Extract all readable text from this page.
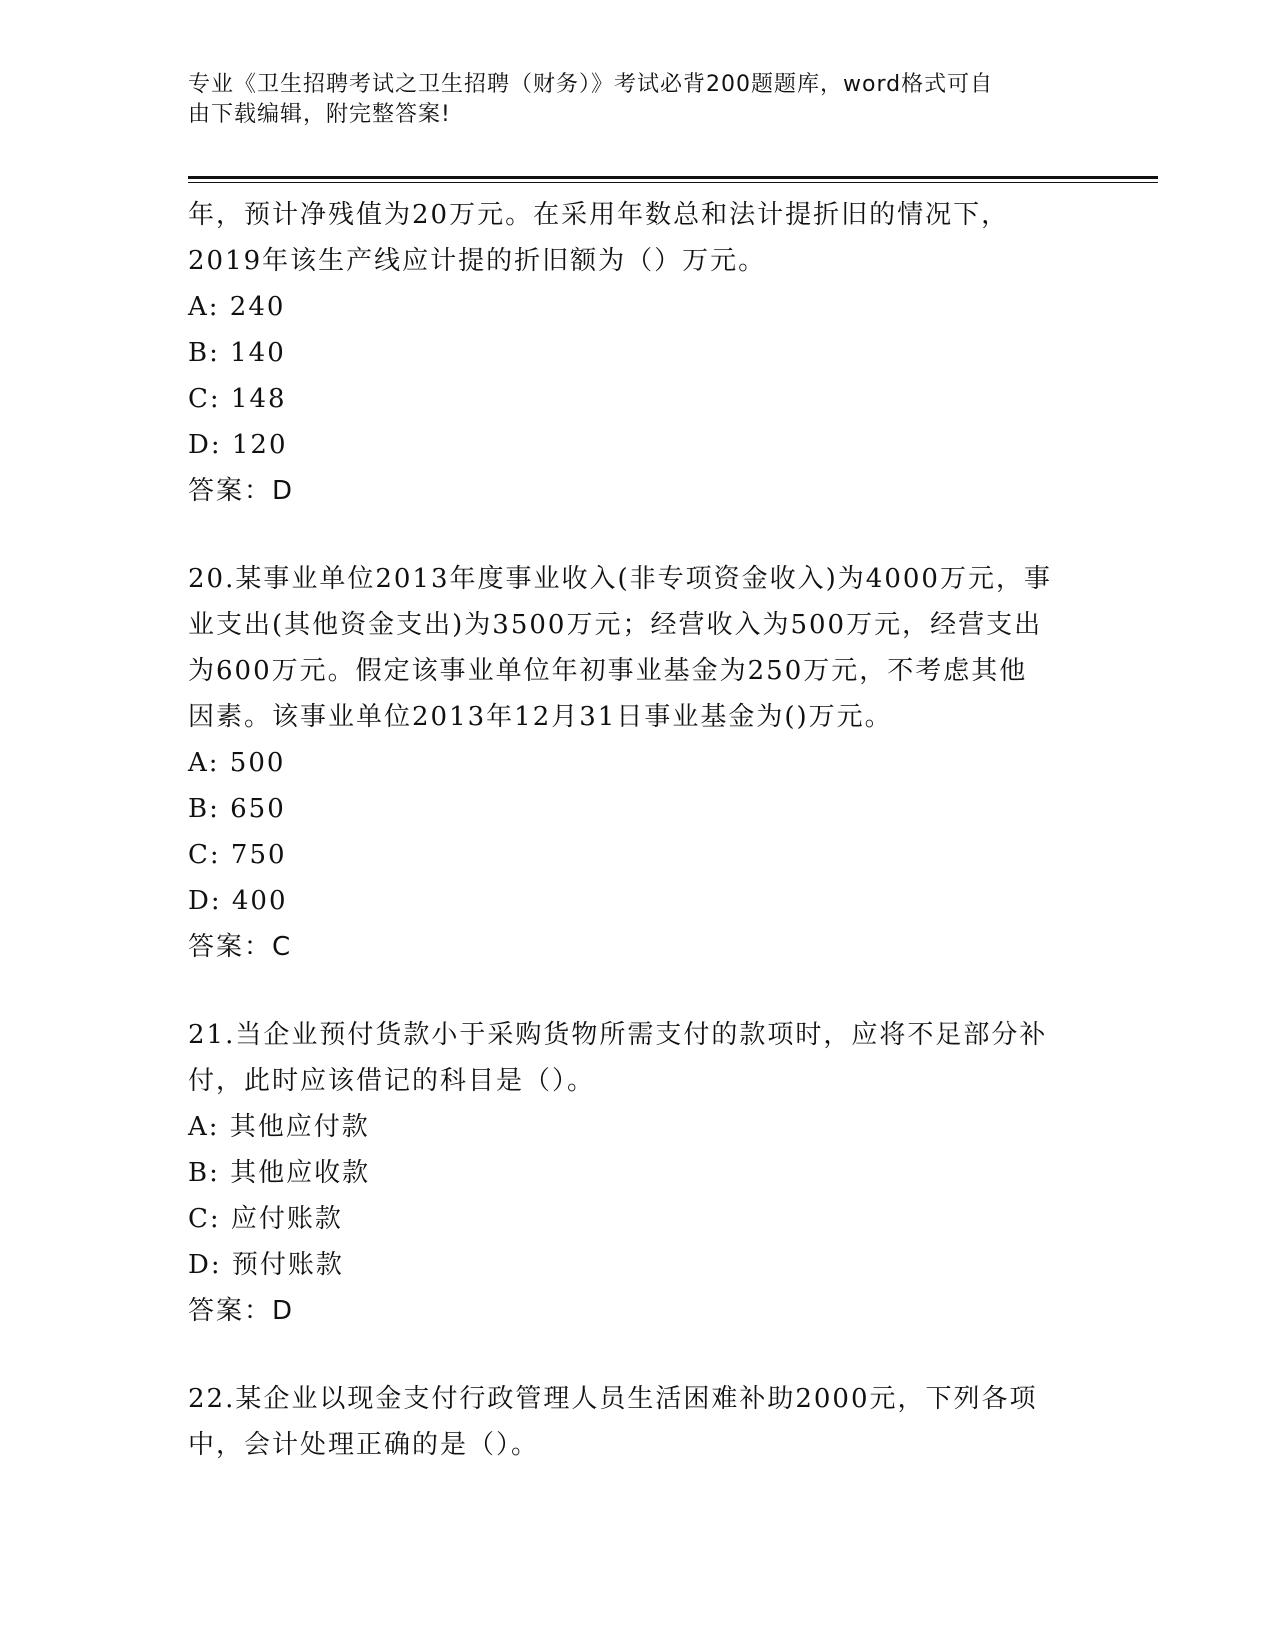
专业《卫生招聘考试之卫生招聘（财务）》考试必背200题题库，word格式可自

由下载编辑，附完整答案!

年，预计净残值为20万元。在采用年数总和法计提折旧的情况下，

2019年该生产线应计提的折旧额为（）万元。

A: 240

B: 140

C: 148

D: 120

答案：D

20.某事业单位2013年度事业收入(非专项资金收入)为4000万元，事

业支出(其他资金支出)为3500万元；经营收入为500万元，经营支出

为600万元。假定该事业单位年初事业基金为250万元，不考虑其他

因素。该事业单位2013年12月31日事业基金为()万元。

A: 500

B: 650

C: 750

D: 400

答案：C

21.当企业预付货款小于采购货物所需支付的款项时，应将不足部分补

付，此时应该借记的科目是（）。

A: 其他应付款

B: 其他应收款

C: 应付账款

D: 预付账款

答案：D

22.某企业以现金支付行政管理人员生活困难补助2000元，下列各项

中，会计处理正确的是（）。
